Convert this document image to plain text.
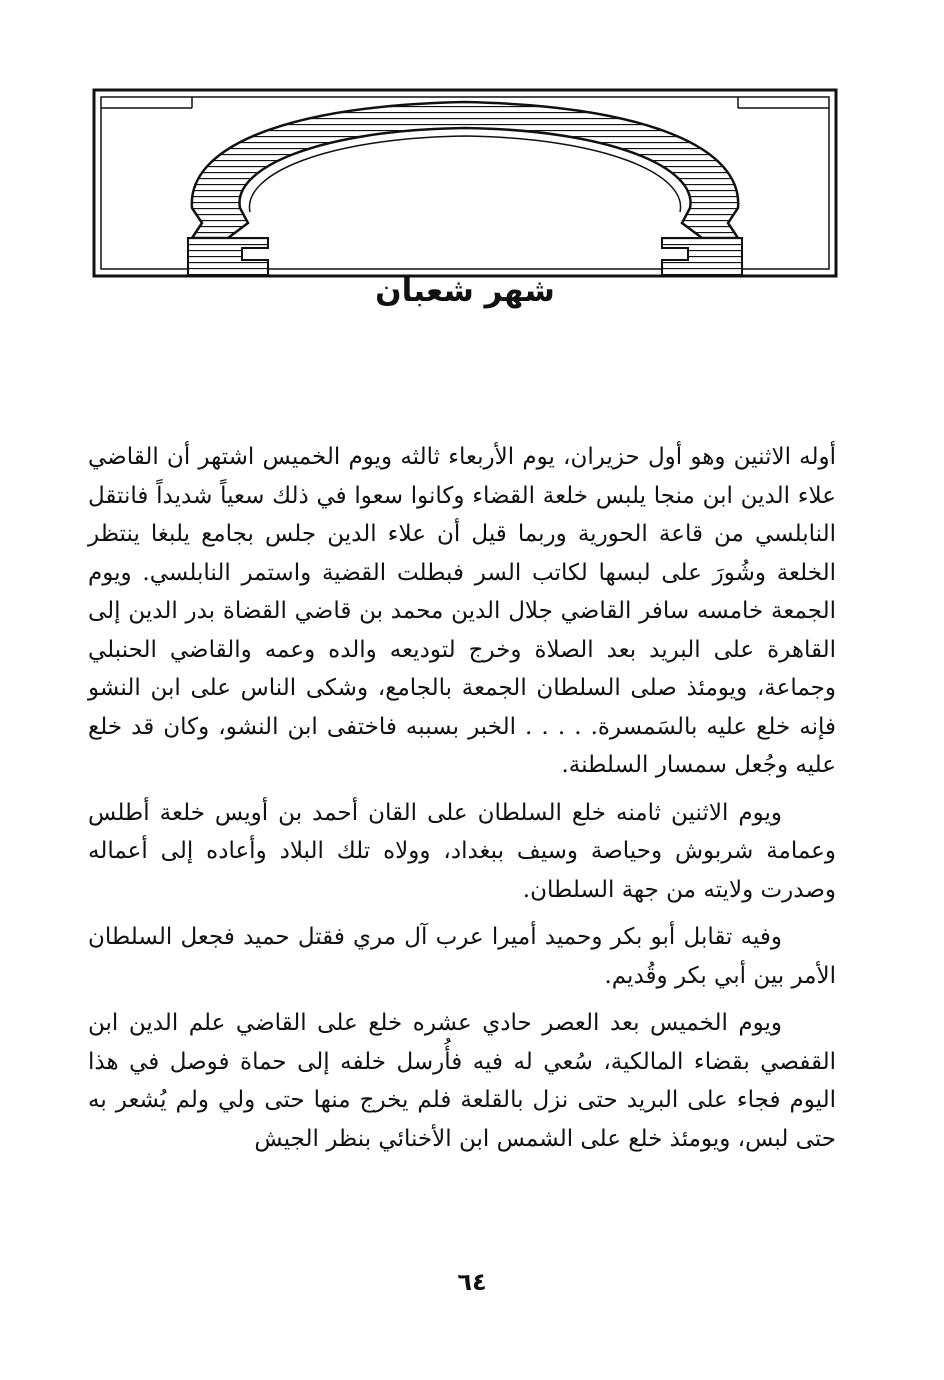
شهر شعبان

أوله الاثنين وهو أول حزيران، يوم الأربعاء ثالثه ويوم الخميس اشتهر أن القاضي علاء الدين ابن منجا يلبس خلعة القضاء وكانوا سعوا في ذلك سعياً شديداً فانتقل النابلسي من قاعة الحورية وربما قيل أن علاء الدين جلس بجامع يلبغا ينتظر الخلعة وشُورَ على لبسها لكاتب السر فبطلت القضية واستمر النابلسي. ويوم الجمعة خامسه سافر القاضي جلال الدين محمد بن قاضي القضاة بدر الدين إلى القاهرة على البريد بعد الصلاة وخرج لتوديعه والده وعمه والقاضي الحنبلي وجماعة، ويومئذ صلى السلطان الجمعة بالجامع، وشكى الناس على ابن النشو فإنه خلع عليه بالسَمسرة. . . . . الخبر بسببه فاختفى ابن النشو، وكان قد خلع عليه وجُعل سمسار السلطنة.

ويوم الاثنين ثامنه خلع السلطان على القان أحمد بن أويس خلعة أطلس وعمامة شربوش وحياصة وسيف ببغداد، وولاه تلك البلاد وأعاده إلى أعماله وصدرت ولايته من جهة السلطان.

وفيه تقابل أبو بكر وحميد أميرا عرب آل مري فقتل حميد فجعل السلطان الأمر بين أبي بكر وقُديم.

ويوم الخميس بعد العصر حادي عشره خلع على القاضي علم الدين ابن القفصي بقضاء المالكية، سُعي له فيه فأُرسل خلفه إلى حماة فوصل في هذا اليوم فجاء على البريد حتى نزل بالقلعة فلم يخرج منها حتى ولي ولم يُشعر به حتى لبس، ويومئذ خلع على الشمس ابن الأخنائي بنظر الجيش

٦٤
